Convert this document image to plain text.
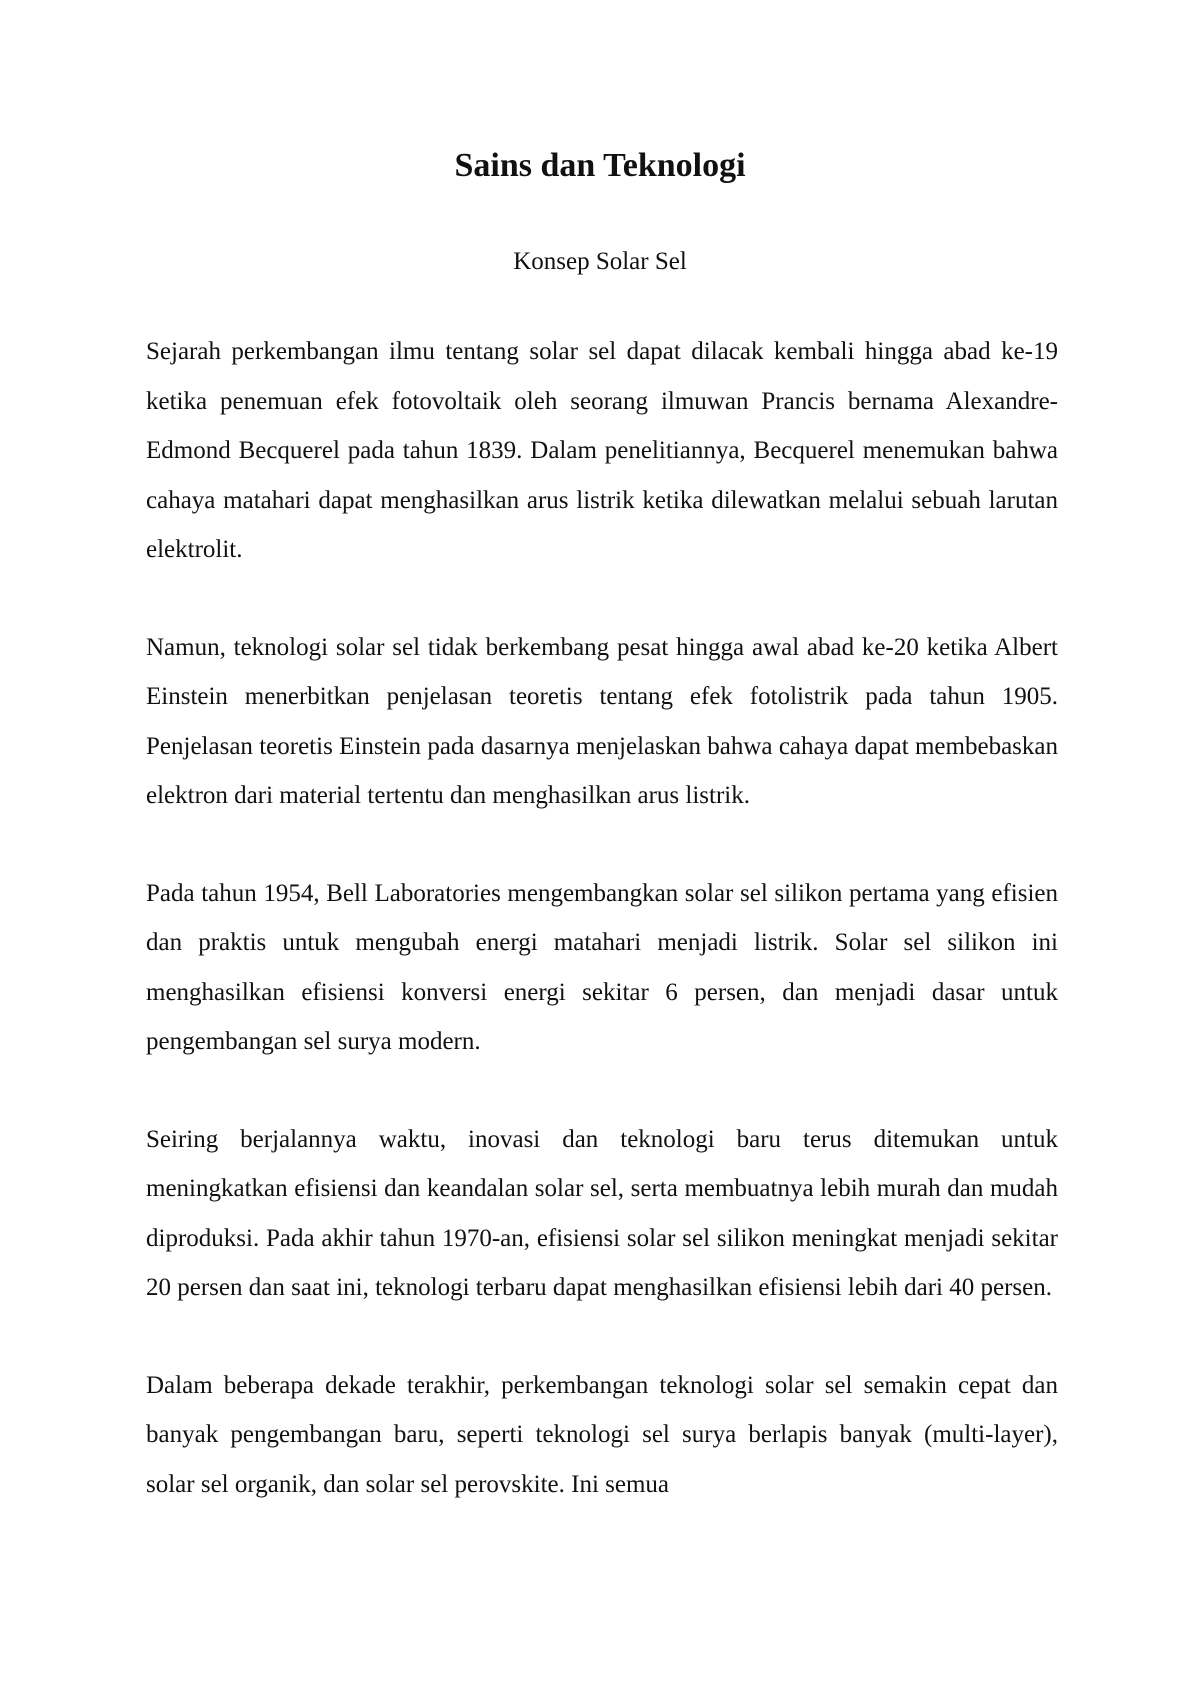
Sains dan Teknologi
Konsep Solar Sel

Sejarah perkembangan ilmu tentang solar sel dapat dilacak kembali hingga abad ke-19 ketika penemuan efek fotovoltaik oleh seorang ilmuwan Prancis bernama Alexandre-Edmond Becquerel pada tahun 1839. Dalam penelitiannya, Becquerel menemukan bahwa cahaya matahari dapat menghasilkan arus listrik ketika dilewatkan melalui sebuah larutan elektrolit.

Namun, teknologi solar sel tidak berkembang pesat hingga awal abad ke-20 ketika Albert Einstein menerbitkan penjelasan teoretis tentang efek fotolistrik pada tahun 1905. Penjelasan teoretis Einstein pada dasarnya menjelaskan bahwa cahaya dapat membebaskan elektron dari material tertentu dan menghasilkan arus listrik.

Pada tahun 1954, Bell Laboratories mengembangkan solar sel silikon pertama yang efisien dan praktis untuk mengubah energi matahari menjadi listrik. Solar sel silikon ini menghasilkan efisiensi konversi energi sekitar 6 persen, dan menjadi dasar untuk pengembangan sel surya modern.

Seiring berjalannya waktu, inovasi dan teknologi baru terus ditemukan untuk meningkatkan efisiensi dan keandalan solar sel, serta membuatnya lebih murah dan mudah diproduksi. Pada akhir tahun 1970-an, efisiensi solar sel silikon meningkat menjadi sekitar 20 persen dan saat ini, teknologi terbaru dapat menghasilkan efisiensi lebih dari 40 persen.

Dalam beberapa dekade terakhir, perkembangan teknologi solar sel semakin cepat dan banyak pengembangan baru, seperti teknologi sel surya berlapis banyak (multi-layer), solar sel organik, dan solar sel perovskite. Ini semua
